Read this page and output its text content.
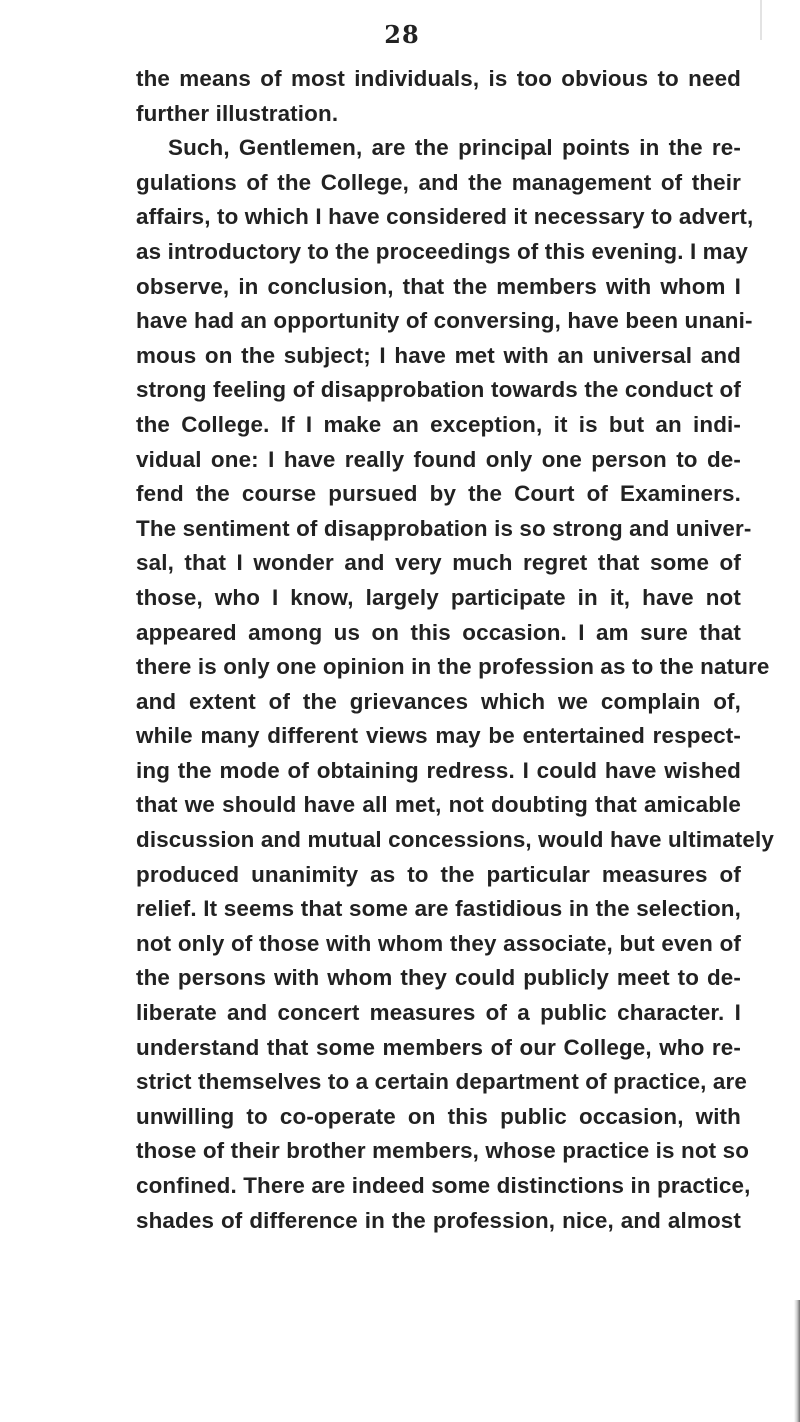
28
the means of most individuals, is too obvious to need
further illustration.
Such, Gentlemen, are the principal points in the re-
gulations of the College, and the management of their
affairs, to which I have considered it necessary to advert,
as introductory to the proceedings of this evening. I may
observe, in conclusion, that the members with whom I
have had an opportunity of conversing, have been unani-
mous on the subject; I have met with an universal and
strong feeling of disapprobation towards the conduct of
the College. If I make an exception, it is but an indi-
vidual one: I have really found only one person to de-
fend the course pursued by the Court of Examiners.
The sentiment of disapprobation is so strong and univer-
sal, that I wonder and very much regret that some of
those, who I know, largely participate in it, have not
appeared among us on this occasion. I am sure that
there is only one opinion in the profession as to the nature
and extent of the grievances which we complain of,
while many different views may be entertained respect-
ing the mode of obtaining redress. I could have wished
that we should have all met, not doubting that amicable
discussion and mutual concessions, would have ultimately
produced unanimity as to the particular measures of
relief. It seems that some are fastidious in the selection,
not only of those with whom they associate, but even of
the persons with whom they could publicly meet to de-
liberate and concert measures of a public character. I
understand that some members of our College, who re-
strict themselves to a certain department of practice, are
unwilling to co-operate on this public occasion, with
those of their brother members, whose practice is not so
confined. There are indeed some distinctions in practice,
shades of difference in the profession, nice, and almost
